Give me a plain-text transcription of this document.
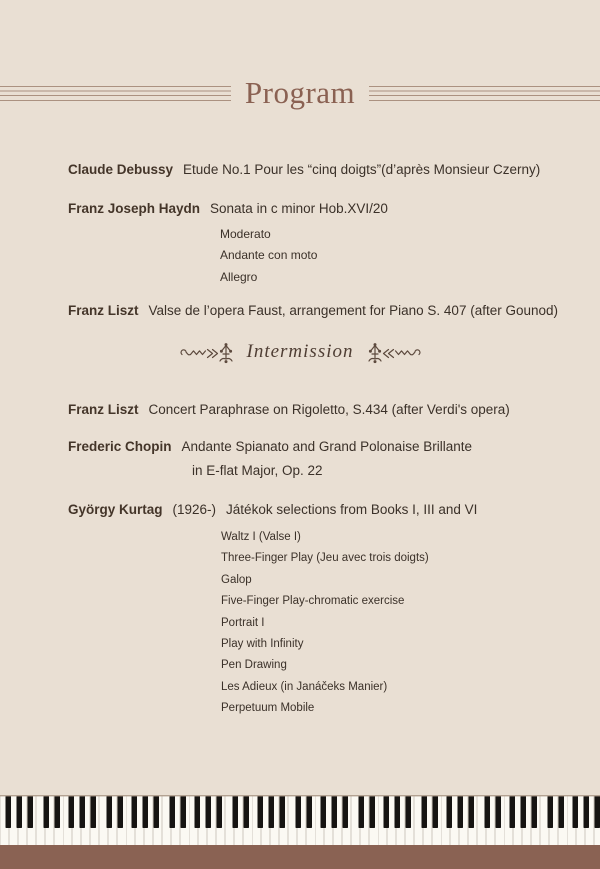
Program
Claude Debussy Etude No.1 Pour les “cinq doigts”(d’après Monsieur Czerny)
Franz Joseph Haydn Sonata in c minor Hob.XVI/20
Moderato
Andante con moto
Allegro
Franz Liszt Valse de l’opera Faust, arrangement for Piano S. 407 (after Gounod)
Intermission
Franz Liszt Concert Paraphrase on Rigoletto, S.434 (after Verdi's opera)
Frederic Chopin Andante Spianato and Grand Polonaise Brillante
in E-flat Major, Op. 22
György Kurtag (1926-) Játékok selections from Books I, III and VI
Waltz I (Valse I)
Three-Finger Play (Jeu avec trois doigts)
Galop
Five-Finger Play-chromatic exercise
Portrait I
Play with Infinity
Pen Drawing
Les Adieux (in Janáčeks Manier)
Perpetuum Mobile
